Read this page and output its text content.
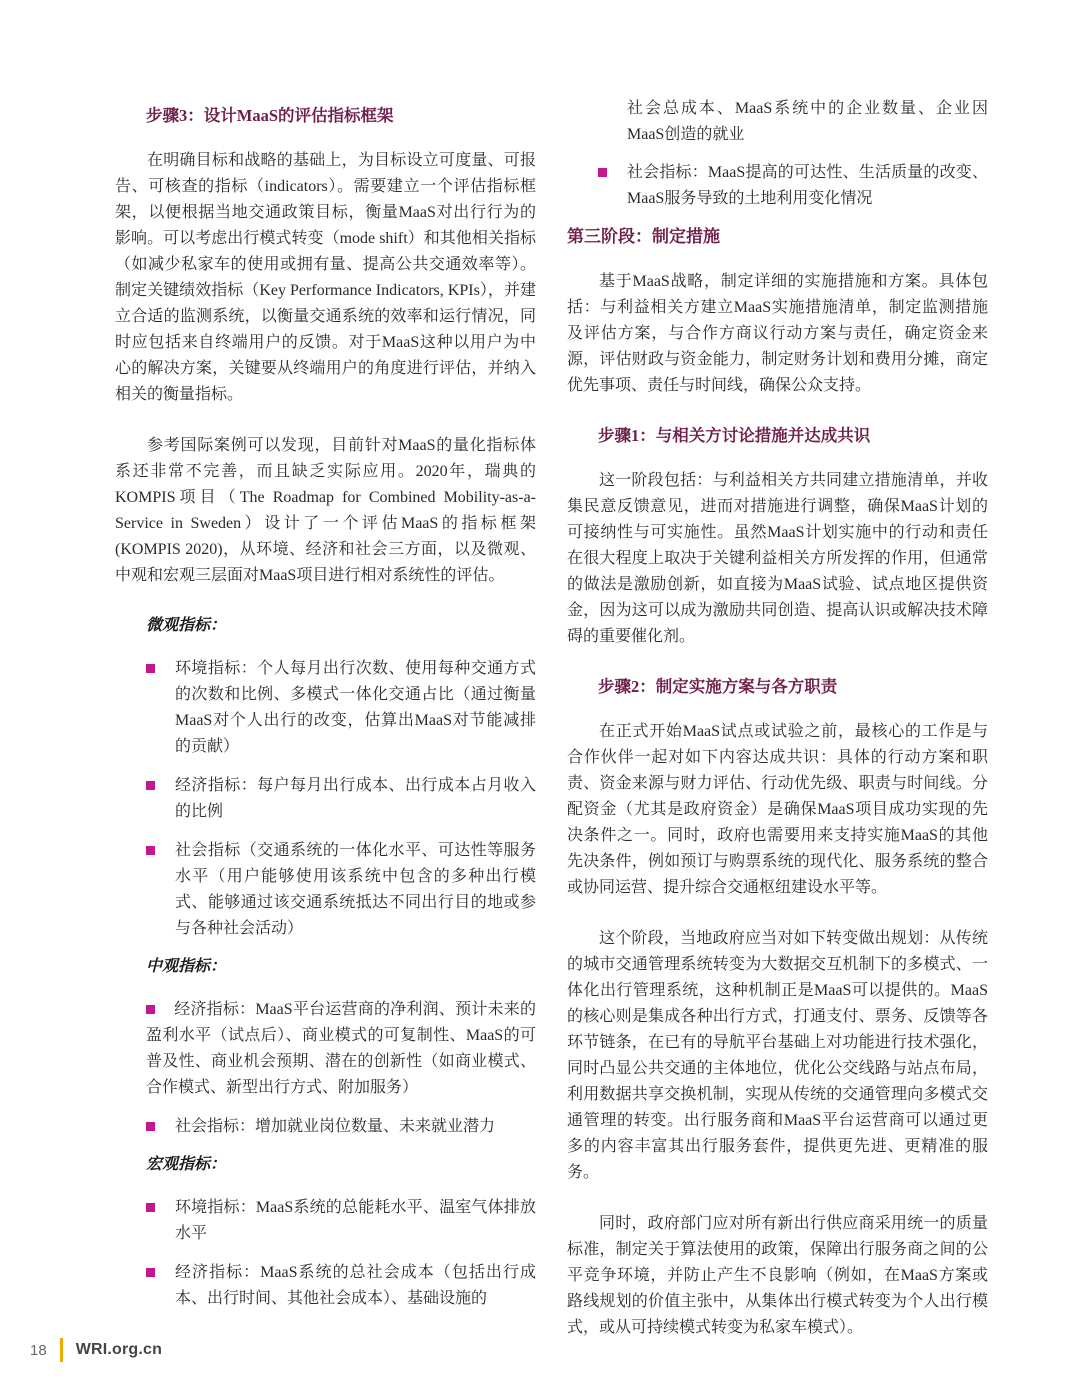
步骤3：设计MaaS的评估指标框架

在明确目标和战略的基础上，为目标设立可度量、可报告、可核查的指标（indicators）。需要建立一个评估指标框架，以便根据当地交通政策目标，衡量MaaS对出行行为的影响。可以考虑出行模式转变（mode shift）和其他相关指标（如减少私家车的使用或拥有量、提高公共交通效率等）。制定关键绩效指标（Key Performance Indicators, KPIs），并建立合适的监测系统，以衡量交通系统的效率和运行情况，同时应包括来自终端用户的反馈。对于MaaS这种以用户为中心的解决方案，关键要从终端用户的角度进行评估，并纳入相关的衡量指标。

参考国际案例可以发现，目前针对MaaS的量化指标体系还非常不完善，而且缺乏实际应用。2020年，瑞典的KOMPIS项目（The Roadmap for Combined Mobility-as-a-Service in Sweden）设计了一个评估MaaS的指标框架 (KOMPIS 2020)，从环境、经济和社会三方面，以及微观、中观和宏观三层面对MaaS项目进行相对系统性的评估。

微观指标：
环境指标：个人每月出行次数、使用每种交通方式的次数和比例、多模式一体化交通占比（通过衡量MaaS对个人出行的改变，估算出MaaS对节能减排的贡献）
经济指标：每户每月出行成本、出行成本占月收入的比例
社会指标（交通系统的一体化水平、可达性等服务水平（用户能够使用该系统中包含的多种出行模式、能够通过该交通系统抵达不同出行目的地或参与各种社会活动）
中观指标：
经济指标：MaaS平台运营商的净利润、预计未来的盈利水平（试点后）、商业模式的可复制性、MaaS的可普及性、商业机会预期、潜在的创新性（如商业模式、合作模式、新型出行方式、附加服务）
社会指标：增加就业岗位数量、未来就业潜力
宏观指标：
环境指标：MaaS系统的总能耗水平、温室气体排放水平
经济指标：MaaS系统的总社会成本（包括出行成本、出行时间、其他社会成本）、基础设施的

社会总成本、MaaS系统中的企业数量、企业因MaaS创造的就业

社会指标：MaaS提高的可达性、生活质量的改变、MaaS服务导致的土地利用变化情况
第三阶段：制定措施

基于MaaS战略，制定详细的实施措施和方案。具体包括：与利益相关方建立MaaS实施措施清单，制定监测措施及评估方案，与合作方商议行动方案与责任，确定资金来源，评估财政与资金能力，制定财务计划和费用分摊，商定优先事项、责任与时间线，确保公众支持。

步骤1：与相关方讨论措施并达成共识

这一阶段包括：与利益相关方共同建立措施清单，并收集民意反馈意见，进而对措施进行调整，确保MaaS计划的可接纳性与可实施性。虽然MaaS计划实施中的行动和责任在很大程度上取决于关键利益相关方所发挥的作用，但通常的做法是激励创新，如直接为MaaS试验、试点地区提供资金，因为这可以成为激励共同创造、提高认识或解决技术障碍的重要催化剂。

步骤2：制定实施方案与各方职责

在正式开始MaaS试点或试验之前，最核心的工作是与合作伙伴一起对如下内容达成共识：具体的行动方案和职责、资金来源与财力评估、行动优先级、职责与时间线。分配资金（尤其是政府资金）是确保MaaS项目成功实现的先决条件之一。同时，政府也需要用来支持实施MaaS的其他先决条件，例如预订与购票系统的现代化、服务系统的整合或协同运营、提升综合交通枢纽建设水平等。

这个阶段，当地政府应当对如下转变做出规划：从传统的城市交通管理系统转变为大数据交互机制下的多模式、一体化出行管理系统，这种机制正是MaaS可以提供的。MaaS的核心则是集成各种出行方式，打通支付、票务、反馈等各环节链条，在已有的导航平台基础上对功能进行技术强化，同时凸显公共交通的主体地位，优化公交线路与站点布局，利用数据共享交换机制，实现从传统的交通管理向多模式交通管理的转变。出行服务商和MaaS平台运营商可以通过更多的内容丰富其出行服务套件，提供更先进、更精准的服务。

同时，政府部门应对所有新出行供应商采用统一的质量标准，制定关于算法使用的政策，保障出行服务商之间的公平竞争环境，并防止产生不良影响（例如，在MaaS方案或路线规划的价值主张中，从集体出行模式转变为个人出行模式，或从可持续模式转变为私家车模式）。

18 WRI.org.cn
